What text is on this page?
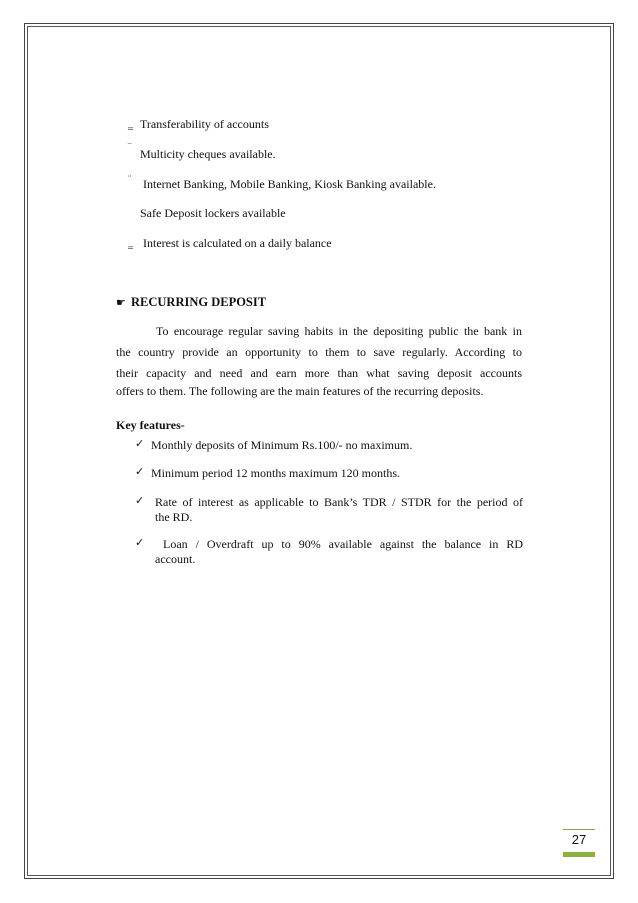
‗ Transferability of accounts
‾ Multicity cheques available.
¨ Internet Banking, Mobile Banking, Kiosk Banking available.
Safe Deposit lockers available
‗ Interest is calculated on a daily balance
☛ RECURRING DEPOSIT
To encourage regular saving habits in the depositing public the bank in
the country provide an opportunity to them to save regularly. According to
their capacity and need and earn more than what saving deposit accounts
offers to them. The following are the main features of the recurring deposits.
Key features-
✓ Monthly deposits of Minimum Rs.100/- no maximum.
✓ Minimum period 12 months maximum 120 months.
✓ Rate of interest as applicable to Bank’s TDR / STDR for the period of
the RD.
✓ Loan / Overdraft up to 90% available against the balance in RD
account.
27
